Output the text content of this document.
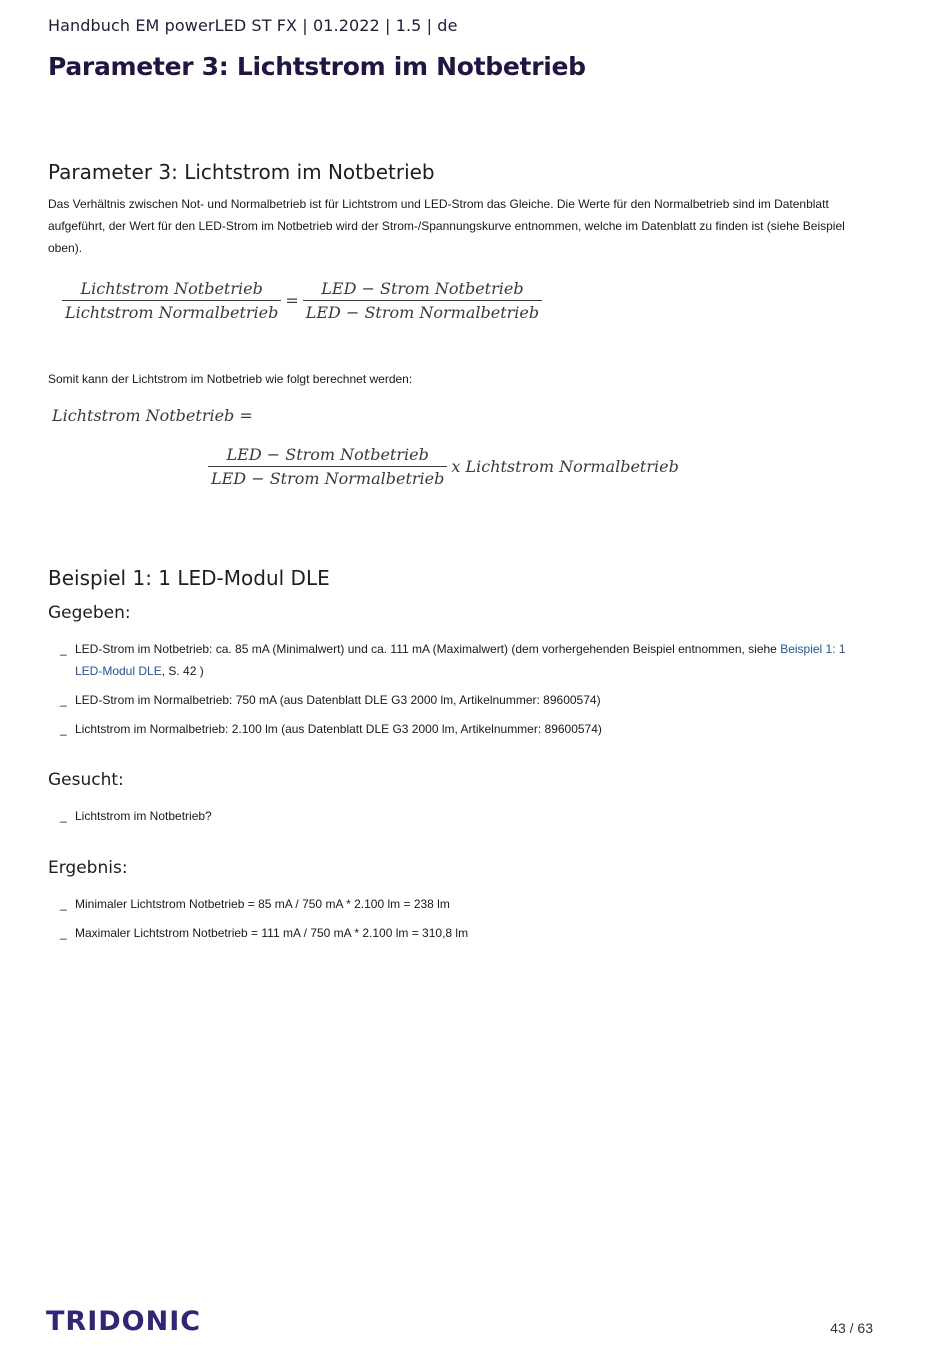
Handbuch EM powerLED ST FX | 01.2022 | 1.5 | de
Parameter 3: Lichtstrom im Notbetrieb
Parameter 3: Lichtstrom im Notbetrieb

Das Verhältnis zwischen Not- und Normalbetrieb ist für Lichtstrom und LED-Strom das Gleiche. Die Werte für den Normalbetrieb sind im Datenblatt aufgeführt, der Wert für den LED-Strom im Notbetrieb wird der Strom-/Spannungskurve entnommen, welche im Datenblatt zu finden ist (siehe Beispiel oben).

$\frac{\text{Lichtstrom Notbetrieb}}{\text{Lichtstrom Normalbetrieb}} = \frac{\text{LED − Strom Notbetrieb}}{\text{LED − Strom Normalbetrieb}}$

Somit kann der Lichtstrom im Notbetrieb wie folgt berechnet werden:

Lichtstrom Notbetrieb =
$\frac{\text{LED − Strom Notbetrieb}}{\text{LED − Strom Normalbetrieb}}$ x Lichtstrom Normalbetrieb
Beispiel 1: 1 LED-Modul DLE
Gegeben:
_ LED-Strom im Notbetrieb: ca. 85 mA (Minimalwert) und ca. 111 mA (Maximalwert) (dem vorhergehenden Beispiel entnommen, siehe Beispiel 1: 1 LED-Modul DLE, S. 42 )
_ LED-Strom im Normalbetrieb: 750 mA (aus Datenblatt DLE G3 2000 lm, Artikelnummer: 89600574)
_ Lichtstrom im Normalbetrieb: 2.100 lm (aus Datenblatt DLE G3 2000 lm, Artikelnummer: 89600574)
Gesucht:
_ Lichtstrom im Notbetrieb?
Ergebnis:
_ Minimaler Lichtstrom Notbetrieb = 85 mA / 750 mA * 2.100 lm = 238 lm
_ Maximaler Lichtstrom Notbetrieb = 111 mA / 750 mA * 2.100 lm = 310,8 lm
TRIDONIC	43 / 63
